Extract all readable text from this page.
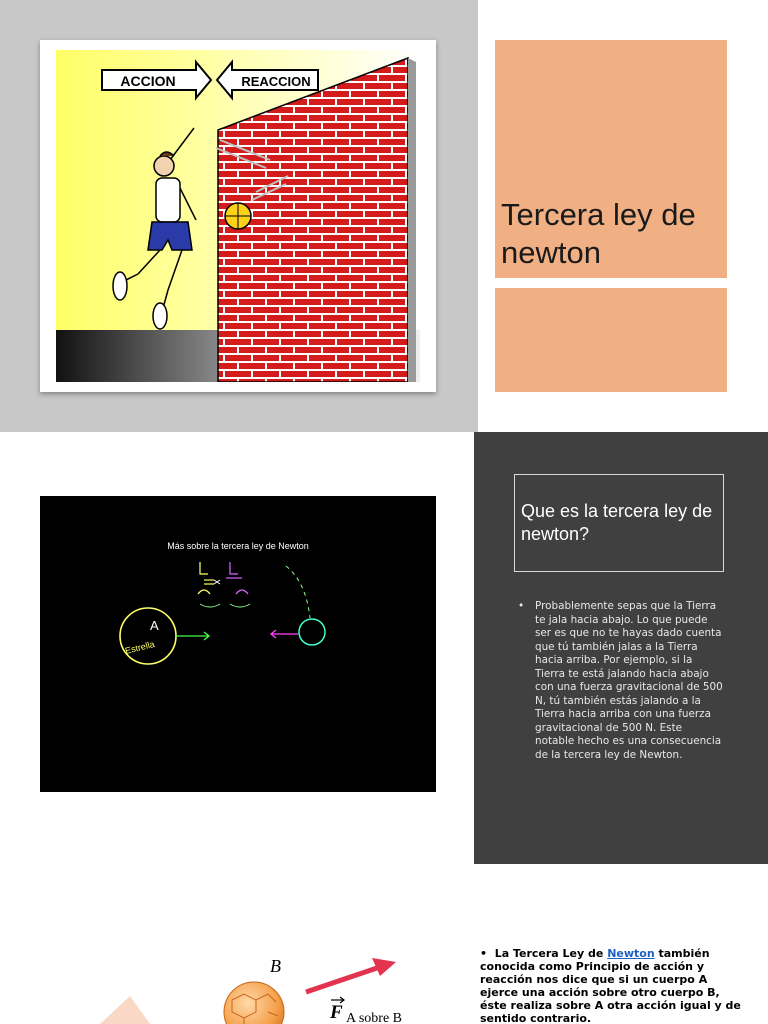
ACCION	REACCION
Tercera ley de newton
Más sobre la tercera ley de Newton
A
Estrella
Que es la tercera ley de newton?
•	Probablemente sepas que la Tierra te jala hacia abajo. Lo que puede ser es que no te hayas dado cuenta que tú también jalas a la Tierra hacia arriba. Por ejemplo, si la Tierra te está jalando hacia abajo con una fuerza gravitacional de 500 N, tú también estás jalando a la Tierra hacia arriba con una fuerza gravitacional de 500 N. Este notable hecho es una consecuencia de la tercera ley de Newton.
B
F A sobre B

• La Tercera Ley de Newton también conocida como Principio de acción y reacción nos dice que si un cuerpo A ejerce una acción sobre otro cuerpo B, éste realiza sobre A otra acción igual y de sentido contrario.
